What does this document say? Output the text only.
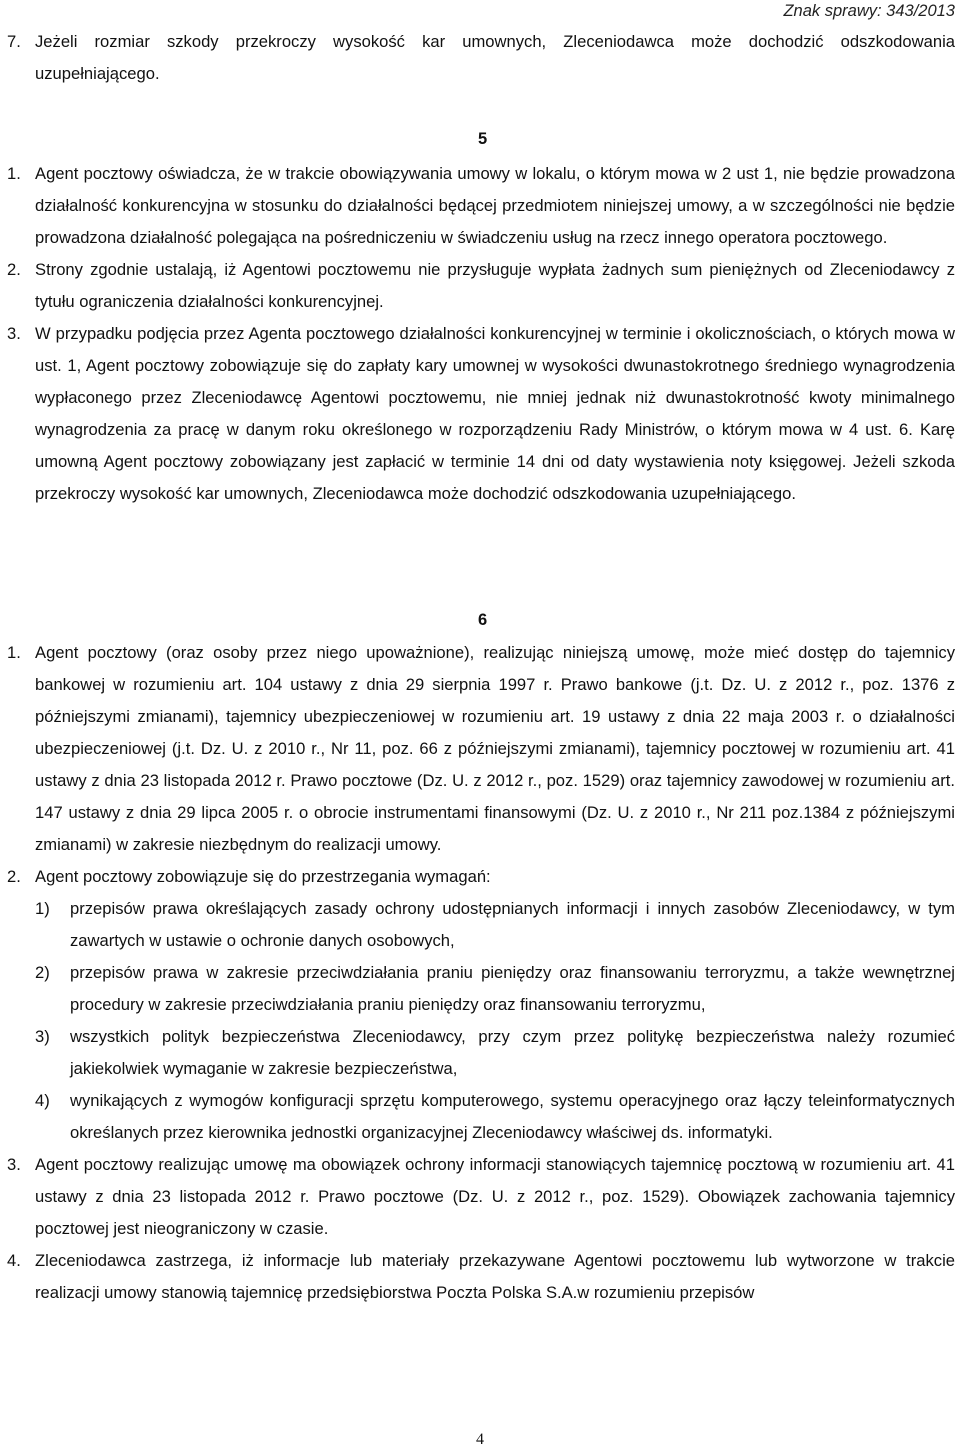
Znak sprawy: 343/2013
7. Jeżeli rozmiar szkody przekroczy wysokość kar umownych, Zleceniodawca może dochodzić odszkodowania uzupełniającego.
5
1. Agent pocztowy oświadcza, że w trakcie obowiązywania umowy w lokalu, o którym mowa w 2 ust 1, nie będzie prowadzona działalność konkurencyjna w stosunku do działalności będącej przedmiotem niniejszej umowy, a w szczególności nie będzie prowadzona działalność polegająca na pośredniczeniu w świadczeniu usług na rzecz innego operatora pocztowego.
2. Strony zgodnie ustalają, iż Agentowi pocztowemu nie przysługuje wypłata żadnych sum pieniężnych od Zleceniodawcy z tytułu ograniczenia działalności konkurencyjnej.
3. W przypadku podjęcia przez Agenta pocztowego działalności konkurencyjnej w terminie i okolicznościach, o których mowa w ust. 1, Agent pocztowy zobowiązuje się do zapłaty kary umownej w wysokości dwunastokrotnego średniego wynagrodzenia wypłaconego przez Zleceniodawcę Agentowi pocztowemu, nie mniej jednak niż dwunastokrotność kwoty minimalnego wynagrodzenia za pracę w danym roku określonego w rozporządzeniu Rady Ministrów, o którym mowa w 4 ust. 6. Karę umowną Agent pocztowy zobowiązany jest zapłacić w terminie 14 dni od daty wystawienia noty księgowej. Jeżeli szkoda przekroczy wysokość kar umownych, Zleceniodawca może dochodzić odszkodowania uzupełniającego.
6
1. Agent pocztowy (oraz osoby przez niego upoważnione), realizując niniejszą umowę, może mieć dostęp do tajemnicy bankowej w rozumieniu art. 104 ustawy z dnia 29 sierpnia 1997 r. Prawo bankowe (j.t. Dz. U. z 2012 r., poz. 1376 z późniejszymi zmianami), tajemnicy ubezpieczeniowej w rozumieniu art. 19 ustawy z dnia 22 maja 2003 r. o działalności ubezpieczeniowej (j.t. Dz. U. z 2010 r., Nr 11, poz. 66 z późniejszymi zmianami), tajemnicy pocztowej w rozumieniu art. 41 ustawy z dnia 23 listopada 2012 r. Prawo pocztowe (Dz. U. z 2012 r., poz. 1529) oraz tajemnicy zawodowej w rozumieniu art. 147 ustawy z dnia 29 lipca 2005 r. o obrocie instrumentami finansowymi (Dz. U. z 2010 r., Nr 211 poz.1384 z późniejszymi zmianami) w zakresie niezbędnym do realizacji umowy.
2. Agent pocztowy zobowiązuje się do przestrzegania wymagań:
1) przepisów prawa określających zasady ochrony udostępnianych informacji i innych zasobów Zleceniodawcy, w tym zawartych w ustawie o ochronie danych osobowych,
2) przepisów prawa w zakresie przeciwdziałania praniu pieniędzy oraz finansowaniu terroryzmu, a także wewnętrznej procedury w zakresie przeciwdziałania praniu pieniędzy oraz finansowaniu terroryzmu,
3) wszystkich polityk bezpieczeństwa Zleceniodawcy, przy czym przez politykę bezpieczeństwa należy rozumieć jakiekolwiek wymaganie w zakresie bezpieczeństwa,
4) wynikających z wymogów konfiguracji sprzętu komputerowego, systemu operacyjnego oraz łączy teleinformatycznych określanych przez kierownika jednostki organizacyjnej Zleceniodawcy właściwej ds. informatyki.
3. Agent pocztowy realizując umowę ma obowiązek ochrony informacji stanowiących tajemnicę pocztową w rozumieniu art. 41 ustawy z dnia 23 listopada 2012 r. Prawo pocztowe (Dz. U. z 2012 r., poz. 1529). Obowiązek zachowania tajemnicy pocztowej jest nieograniczony w czasie.
4. Zleceniodawca zastrzega, iż informacje lub materiały przekazywane Agentowi pocztowemu lub wytworzone w trakcie realizacji umowy stanowią tajemnicę przedsiębiorstwa Poczta Polska S.A.w rozumieniu przepisów
4
